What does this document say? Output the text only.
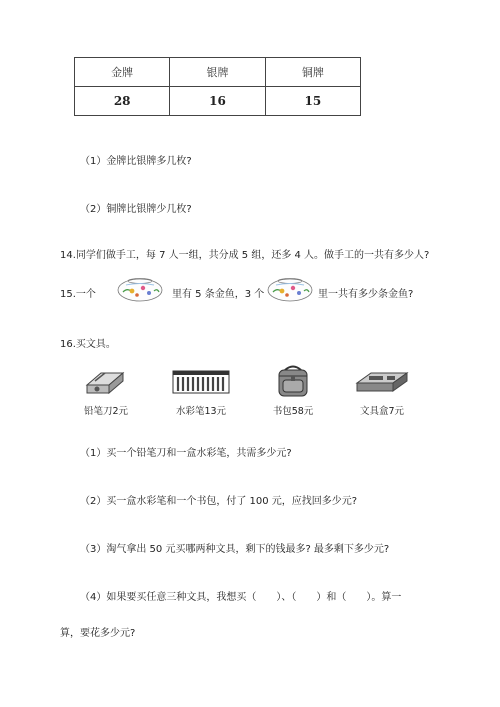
金牌	银牌	铜牌
28	16	15
（1）金牌比银牌多几枚?
（2）铜牌比银牌少几枚?
14.同学们做手工，每 7 人一组，共分成 5 组，还多 4 人。做手工的一共有多少人?
15.一个	里有 5 条金鱼，3 个	里一共有多少条金鱼?
16.买文具。
铅笔刀2元	水彩笔13元	书包58元	文具盒7元
（1）买一个铅笔刀和一盒水彩笔，共需多少元?
（2）买一盒水彩笔和一个书包，付了 100 元，应找回多少元?
（3）淘气拿出 50 元买哪两种文具，剩下的钱最多? 最多剩下多少元?
（4）如果要买任意三种文具，我想买（　　）、（　　）和（　　）。算一
算，要花多少元?
